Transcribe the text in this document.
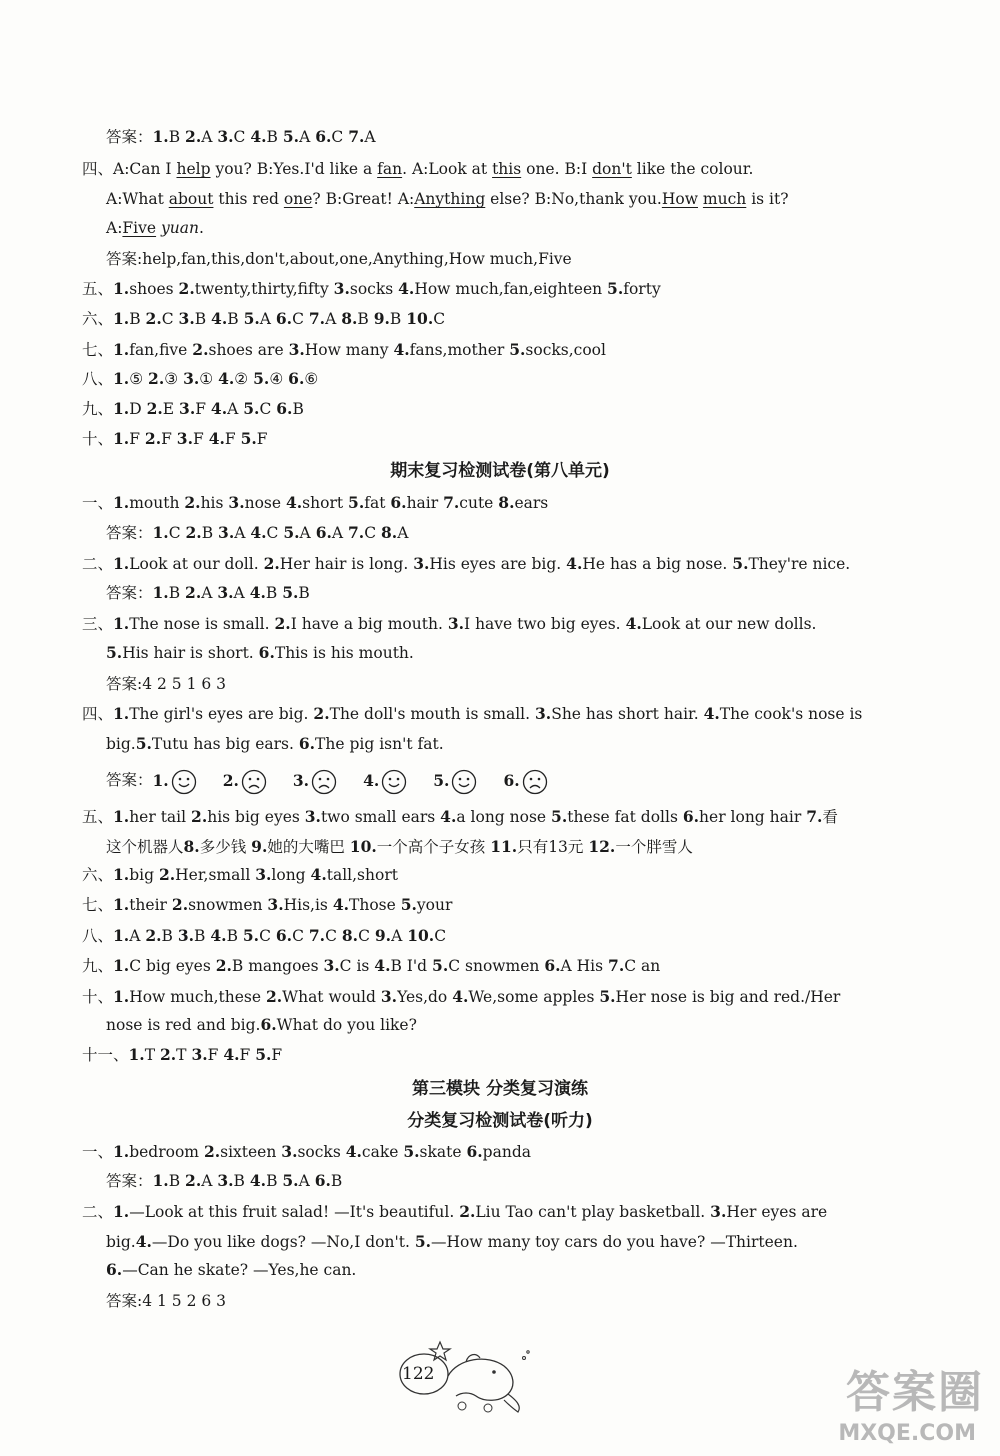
答案：1.B 2.A 3.C 4.B 5.A 6.C 7.A
四、A:Can I help you? B:Yes.I'd like a fan. A:Look at this one. B:I don't like the colour.
A:What about this red one? B:Great! A:Anything else? B:No,thank you.How much is it?
A:Five yuan.
答案:help,fan,this,don't,about,one,Anything,How much,Five
五、1.shoes 2.twenty,thirty,fifty 3.socks 4.How much,fan,eighteen 5.forty
六、1.B 2.C 3.B 4.B 5.A 6.C 7.A 8.B 9.B 10.C
七、1.fan,five 2.shoes are 3.How many 4.fans,mother 5.socks,cool
八、1.⑤ 2.③ 3.① 4.② 5.④ 6.⑥
九、1.D 2.E 3.F 4.A 5.C 6.B
十、1.F 2.F 3.F 4.F 5.F
期末复习检测试卷(第八单元)
一、1.mouth 2.his 3.nose 4.short 5.fat 6.hair 7.cute 8.ears
答案：1.C 2.B 3.A 4.C 5.A 6.A 7.C 8.A
二、1.Look at our doll. 2.Her hair is long. 3.His eyes are big. 4.He has a big nose. 5.They're nice.
答案：1.B 2.A 3.A 4.B 5.B
三、1.The nose is small. 2.I have a big mouth. 3.I have two big eyes. 4.Look at our new dolls.
5.His hair is short. 6.This is his mouth.
答案:4 2 5 1 6 3
四、1.The girl's eyes are big. 2.The doll's mouth is small. 3.She has short hair. 4.The cook's nose is
big.5.Tutu has big ears. 6.The pig isn't fat.
答案：1.	2.	3.	4.	5.	6.
五、1.her tail 2.his big eyes 3.two small ears 4.a long nose 5.these fat dolls 6.her long hair 7.看
这个机器人8.多少钱 9.她的大嘴巴 10.一个高个子女孩 11.只有13元 12.一个胖雪人
六、1.big 2.Her,small 3.long 4.tall,short
七、1.their 2.snowmen 3.His,is 4.Those 5.your
八、1.A 2.B 3.B 4.B 5.C 6.C 7.C 8.C 9.A 10.C
九、1.C big eyes 2.B mangoes 3.C is 4.B I'd 5.C snowmen 6.A His 7.C an
十、1.How much,these 2.What would 3.Yes,do 4.We,some apples 5.Her nose is big and red./Her
nose is red and big.6.What do you like?
十一、1.T 2.T 3.F 4.F 5.F
第三模块 分类复习演练
分类复习检测试卷(听力)
一、1.bedroom 2.sixteen 3.socks 4.cake 5.skate 6.panda
答案：1.B 2.A 3.B 4.B 5.A 6.B
二、1.—Look at this fruit salad! —It's beautiful. 2.Liu Tao can't play basketball. 3.Her eyes are
big.4.—Do you like dogs? —No,I don't. 5.—How many toy cars do you have? —Thirteen.
6.—Can he skate? —Yes,he can.
答案:4 1 5 2 6 3
122	答案圈
MXQE.COM
